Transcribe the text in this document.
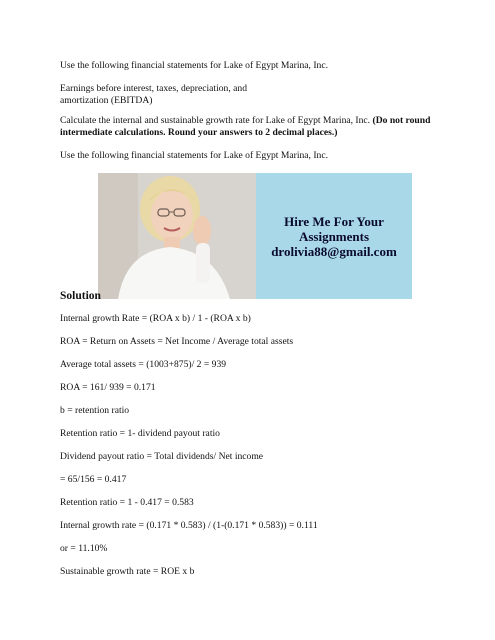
Use the following financial statements for Lake of Egypt Marina, Inc.
Earnings before interest, taxes, depreciation, and
amortization (EBITDA)
Calculate the internal and sustainable growth rate for Lake of Egypt Marina, Inc. (Do not round intermediate calculations. Round your answers to 2 decimal places.)
Use the following financial statements for Lake of Egypt Marina, Inc.
Hire Me For Your
Assignments
drolivia88@gmail.com
Solution
Internal growth Rate = (ROA x b) / 1 - (ROA x b)
ROA = Return on Assets = Net Income / Average total assets
Average total assets = (1003+875)/ 2 = 939
ROA = 161/ 939 = 0.171
b = retention ratio
Retention ratio = 1- dividend payout ratio
Dividend payout ratio = Total dividends/ Net income
= 65/156 = 0.417
Retention ratio = 1 - 0.417 = 0.583
Internal growth rate = (0.171 * 0.583) / (1-(0.171 * 0.583)) = 0.111
or = 11.10%
Sustainable growth rate = ROE x b
